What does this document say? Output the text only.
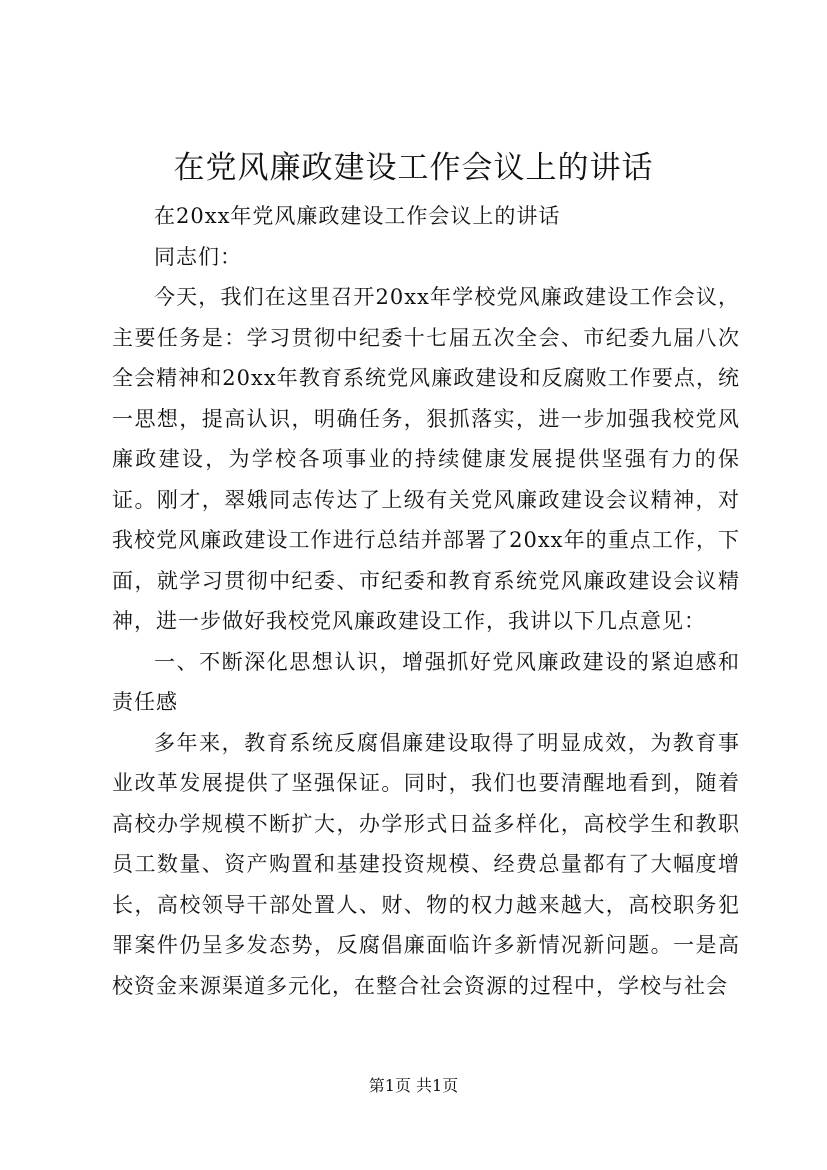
在党风廉政建设工作会议上的讲话

在20xx年党风廉政建设工作会议上的讲话

同志们：

今天，我们在这里召开20xx年学校党风廉政建设工作会议，主要任务是：学习贯彻中纪委十七届五次全会、市纪委九届八次全会精神和20xx年教育系统党风廉政建设和反腐败工作要点，统一思想，提高认识，明确任务，狠抓落实，进一步加强我校党风廉政建设，为学校各项事业的持续健康发展提供坚强有力的保证。刚才，翠娥同志传达了上级有关党风廉政建设会议精神，对我校党风廉政建设工作进行总结并部署了20xx年的重点工作，下面，就学习贯彻中纪委、市纪委和教育系统党风廉政建设会议精神，进一步做好我校党风廉政建设工作，我讲以下几点意见：

一、不断深化思想认识，增强抓好党风廉政建设的紧迫感和责任感

多年来，教育系统反腐倡廉建设取得了明显成效，为教育事业改革发展提供了坚强保证。同时，我们也要清醒地看到，随着高校办学规模不断扩大，办学形式日益多样化，高校学生和教职员工数量、资产购置和基建投资规模、经费总量都有了大幅度增长，高校领导干部处置人、财、物的权力越来越大，高校职务犯罪案件仍呈多发态势，反腐倡廉面临许多新情况新问题。一是高校资金来源渠道多元化，在整合社会资源的过程中，学校与社会

第1页 共1页
